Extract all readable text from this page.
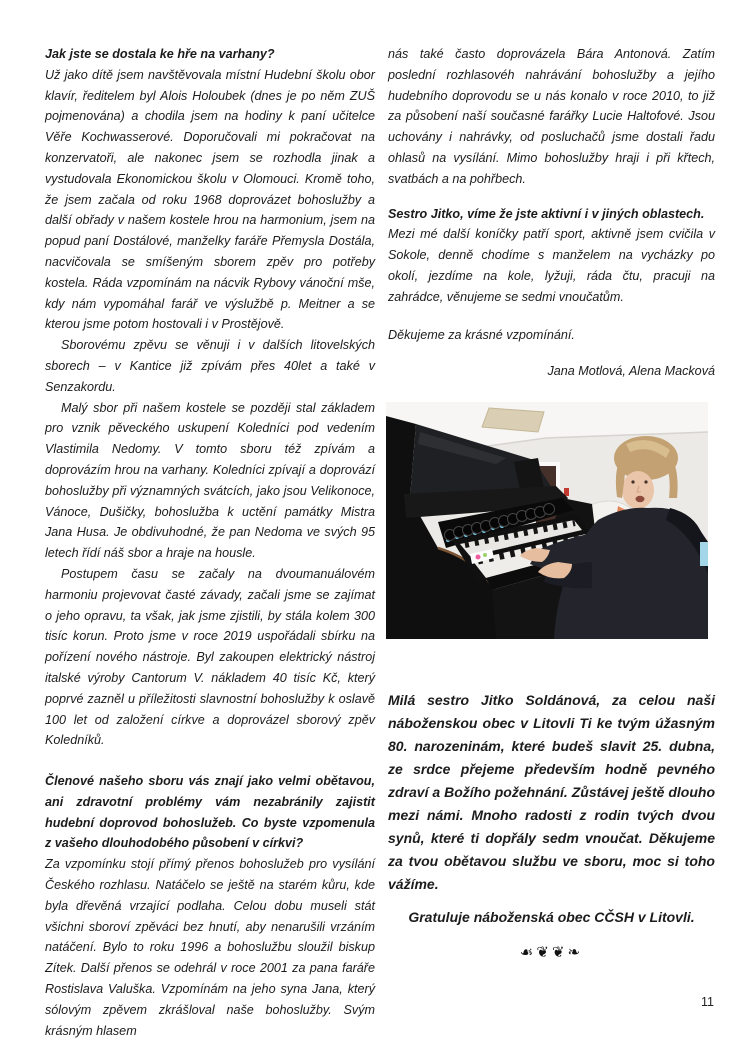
Jak jste se dostala ke hře na varhany?
Už jako dítě jsem navštěvovala místní Hudební školu obor klavír, ředitelem byl Alois Holoubek (dnes je po něm ZUŠ pojmenována) a chodila jsem na hodiny k paní učitelce Věře Kochwasserové. Doporučovali mi pokračovat na konzervatoři, ale nakonec jsem se rozhodla jinak a vystudovala Ekonomickou školu v Olomouci. Kromě toho, že jsem začala od roku 1968 doprovázet bohoslužby a další obřady v našem kostele hrou na harmonium, jsem na popud paní Dostálové, manželky faráře Přemysla Dostála, nacvičovala se smíšeným sborem zpěv pro potřeby kostela. Ráda vzpomínám na nácvik Rybovy vánoční mše, kdy nám vypomáhal farář ve výslužbě p. Meitner a se kterou jsme potom hostovali i v Prostějově.
Sborovému zpěvu se věnuji i v dalších litovelských sborech – v Kantice již zpívám přes 40let a také v Senzakordu.
Malý sbor při našem kostele se později stal základem pro vznik pěveckého uskupení Koledníci pod vedením Vlastimila Nedomy. V tomto sboru též zpívám a doprovázím hrou na varhany. Koledníci zpívají a doprovází bohoslužby při významných svátcích, jako jsou Velikonoce, Vánoce, Dušičky, bohoslužba k uctění památky Mistra Jana Husa. Je obdivuhodné, že pan Nedoma ve svých 95 letech řídí náš sbor a hraje na housle.
Postupem času se začaly na dvoumanuálovém harmoniu projevovat časté závady, začali jsme se zajímat o jeho opravu, ta však, jak jsme zjistili, by stála kolem 300 tisíc korun. Proto jsme v roce 2019 uspořádali sbírku na pořízení nového nástroje. Byl zakoupen elektrický nástroj italské výroby Cantorum V. nákladem 40 tisíc Kč, který poprvé zazněl u příležitosti slavnostní bohoslužby k oslavě 100 let od založení církve a doprovázel sborový zpěv Koledníků.
Členové našeho sboru vás znají jako velmi obětavou, ani zdravotní problémy vám nezabránily zajistit hudební doprovod bohoslužeb. Co byste vzpomenula z vašeho dlouhodobého působení v církvi?
Za vzpomínku stojí přímý přenos bohoslužeb pro vysílání Českého rozhlasu. Natáčelo se ještě na starém kůru, kde byla dřevěná vrzající podlaha. Celou dobu museli stát všichni sboroví zpěváci bez hnutí, aby nenarušili vrzáním natáčení. Bylo to roku 1996 a bohoslužbu sloužil biskup Zítek. Další přenos se odehrál v roce 2001 za pana faráře Rostislava Valuška. Vzpomínám na jeho syna Jana, který sólovým zpěvem zkrášloval naše bohoslužby. Svým krásným hlasem
nás také často doprovázela Bára Antonová. Zatím poslední rozhlasovéh nahrávání bohoslužby a jejího hudebního doprovodu se u nás konalo v roce 2010, to již za působení naší současné farářky Lucie Haltofové. Jsou uchovány i nahrávky, od posluchačů jsme dostali řadu ohlasů na vysílání. Mimo bohoslužby hraji i při křtech, svatbách a na pohřbech.
Sestro Jitko, víme že jste aktivní i v jiných oblastech.
Mezi mé další koníčky patří sport, aktivně jsem cvičila v Sokole, denně chodíme s manželem na vycházky po okolí, jezdíme na kole, lyžuji, ráda čtu, pracuji na zahrádce, věnujeme se sedmi vnoučatům.
Děkujeme za krásné vzpomínání.
Jana Motlová, Alena Macková
Milá sestro Jitko Soldánová, za celou naši náboženskou obec v Litovli Ti ke tvým úžasným 80. narozeninám, které budeš slavit 25. dubna, ze srdce přejeme především hodně pevného zdraví a Božího požehnání. Zůstávej ještě dlouho mezi námi. Mnoho radosti z rodin tvých dvou synů, které ti dopřály sedm vnoučat. Děkujeme za tvou obětavou službu ve sboru, moc si toho vážíme.
Gratuluje náboženská obec CČSH v Litovli.
☙❦❦❧
11
